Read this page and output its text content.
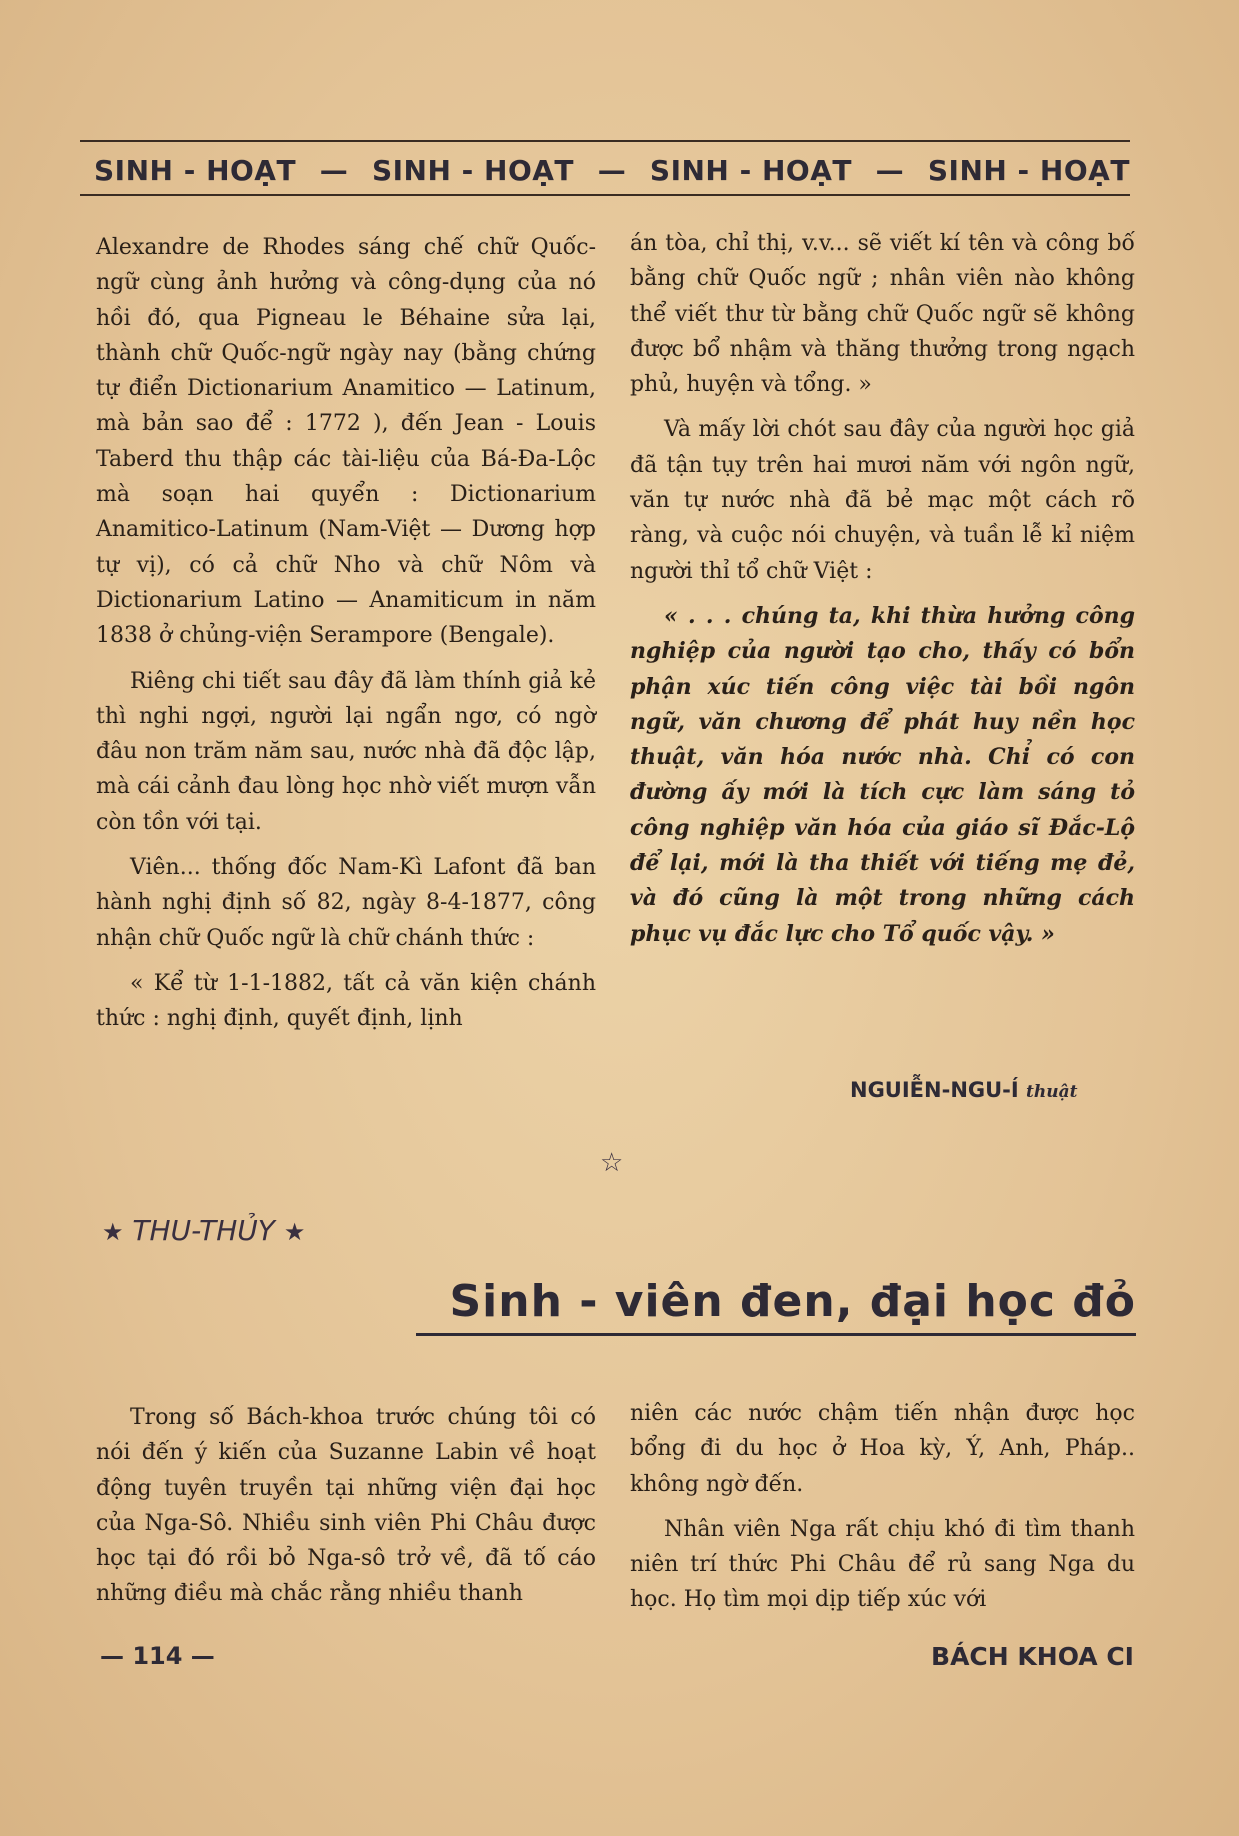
SINH - HOẠT — SINH - HOẠT — SINH - HOẠT — SINH - HOẠT

Alexandre de Rhodes sáng chế chữ Quốc-ngữ cùng ảnh hưởng và công-dụng của nó hồi đó, qua Pigneau le Béhaine sửa lại, thành chữ Quốc-ngữ ngày nay (bằng chứng tự điển Dictionarium Anamitico — Latinum, mà bản sao để : 1772 ), đến Jean - Louis Taberd thu thập các tài-liệu của Bá-Đa-Lộc mà soạn hai quyển : Dictionarium Anamitico-Latinum (Nam-Việt — Dương hợp tự vị), có cả chữ Nho và chữ Nôm và Dictionarium Latino — Anamiticum in năm 1838 ở chủng-viện Serampore (Bengale).

Riêng chi tiết sau đây đã làm thính giả kẻ thì nghi ngợi, người lại ngẩn ngơ, có ngờ đâu non trăm năm sau, nước nhà đã độc lập, mà cái cảnh đau lòng học nhờ viết mượn vẫn còn tồn với tại.

Viên... thống đốc Nam-Kì Lafont đã ban hành nghị định số 82, ngày 8-4-1877, công nhận chữ Quốc ngữ là chữ chánh thức :

« Kể từ 1-1-1882, tất cả văn kiện chánh thức : nghị định, quyết định, lịnh

án tòa, chỉ thị, v.v... sẽ viết kí tên và công bố bằng chữ Quốc ngữ ; nhân viên nào không thể viết thư từ bằng chữ Quốc ngữ sẽ không được bổ nhậm và thăng thưởng trong ngạch phủ, huyện và tổng. »

Và mấy lời chót sau đây của người học giả đã tận tụy trên hai mươi năm với ngôn ngữ, văn tự nước nhà đã bẻ mạc một cách rõ ràng, và cuộc nói chuyện, và tuần lễ kỉ niệm người thỉ tổ chữ Việt :

« . . . chúng ta, khi thừa hưởng công nghiệp của người tạo cho, thấy có bổn phận xúc tiến công việc tài bồi ngôn ngữ, văn chương để phát huy nền học thuật, văn hóa nước nhà. Chỉ có con đường ấy mới là tích cực làm sáng tỏ công nghiệp văn hóa của giáo sĩ Đắc-Lộ để lại, mới là tha thiết với tiếng mẹ đẻ, và đó cũng là một trong những cách phục vụ đắc lực cho Tổ quốc vậy. »

NGUIỄN-NGU-Í thuật
☆
★ THU-THỦY ★
Sinh - viên đen, đại học đỏ

Trong số Bách-khoa trước chúng tôi có nói đến ý kiến của Suzanne Labin về hoạt động tuyên truyền tại những viện đại học của Nga-Sô. Nhiều sinh viên Phi Châu được học tại đó rồi bỏ Nga-sô trở về, đã tố cáo những điều mà chắc rằng nhiều thanh

niên các nước chậm tiến nhận được học bổng đi du học ở Hoa kỳ, Ý, Anh, Pháp.. không ngờ đến.

Nhân viên Nga rất chịu khó đi tìm thanh niên trí thức Phi Châu để rủ sang Nga du học. Họ tìm mọi dịp tiếp xúc với

— 114 —	BÁCH KHOA CI
